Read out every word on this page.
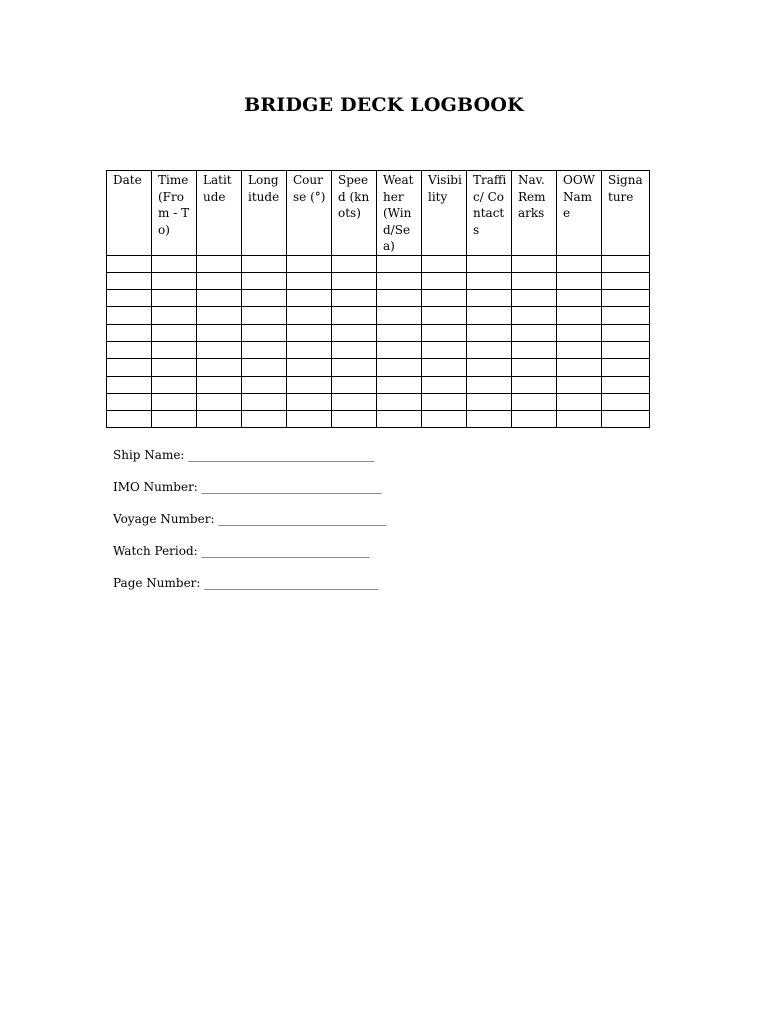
BRIDGE DECK LOGBOOK
Date	Time (From - To)	Latitude	Longitude	Course (°)	Speed (knots)	Weather (Wind/Sea)	Visibility	Traffic/ Contacts	Nav. Remarks	OOW Name	Signature

Ship Name: _______________________________
IMO Number: ______________________________
Voyage Number: ____________________________
Watch Period: ____________________________
Page Number: _____________________________
